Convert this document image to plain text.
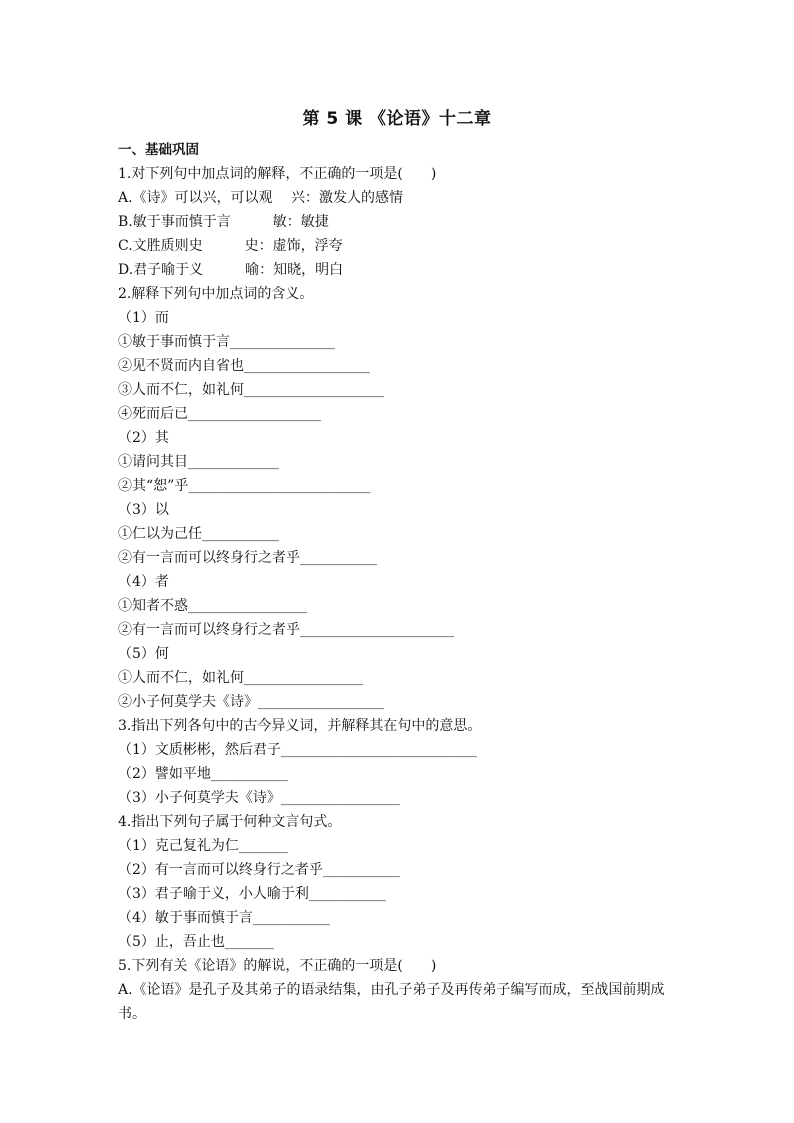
第 5 课 《论语》十二章
一、基础巩固
1.对下列句中加点词的解释，不正确的一项是(　　)
A.《诗》可以兴，可以观　 兴：激发人的感情
B.敏于事而慎于言　　　敏：敏捷
C.文胜质则史　　　史：虚饰，浮夸
D.君子喻于义　　　喻：知晓，明白
2.解释下列句中加点词的含义。
（1）而
①敏于事而慎于言_______________
②见不贤而内自省也__________________
③人而不仁，如礼何____________________
④死而后已___________________
（2）其
①请问其目_____________
②其“恕”乎__________________________
（3）以
①仁以为己任___________
②有一言而可以终身行之者乎___________
（4）者
①知者不惑_________________
②有一言而可以终身行之者乎______________________
（5）何
①人而不仁，如礼何_________________
②小子何莫学夫《诗》__________________
3.指出下列各句中的古今异义词，并解释其在句中的意思。
（1）文质彬彬，然后君子____________________________
（2）譬如平地___________
（3）小子何莫学夫《诗》_________________
4.指出下列句子属于何种文言句式。
（1）克己复礼为仁_______
（2）有一言而可以终身行之者乎___________
（3）君子喻于义，小人喻于利___________
（4）敏于事而慎于言___________
（5）止，吾止也_______
5.下列有关《论语》的解说，不正确的一项是(　　)
A.《论语》是孔子及其弟子的语录结集，由孔子弟子及再传弟子编写而成，至战国前期成书。
